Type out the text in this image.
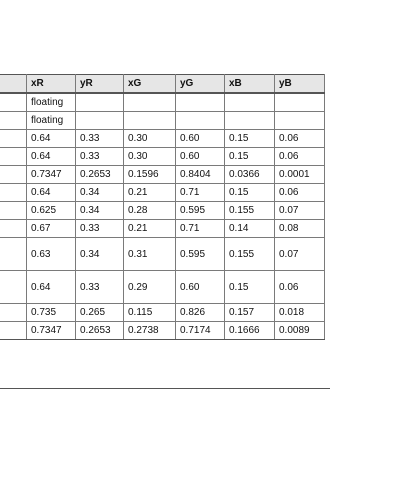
	xR	yR	xG	yG	xB	yB
	floating					
	floating					
	0.64	0.33	0.30	0.60	0.15	0.06
	0.64	0.33	0.30	0.60	0.15	0.06
	0.7347	0.2653	0.1596	0.8404	0.0366	0.0001
	0.64	0.34	0.21	0.71	0.15	0.06
	0.625	0.34	0.28	0.595	0.155	0.07
	0.67	0.33	0.21	0.71	0.14	0.08
	0.63	0.34	0.31	0.595	0.155	0.07
	0.64	0.33	0.29	0.60	0.15	0.06
	0.735	0.265	0.115	0.826	0.157	0.018
	0.7347	0.2653	0.2738	0.7174	0.1666	0.0089
